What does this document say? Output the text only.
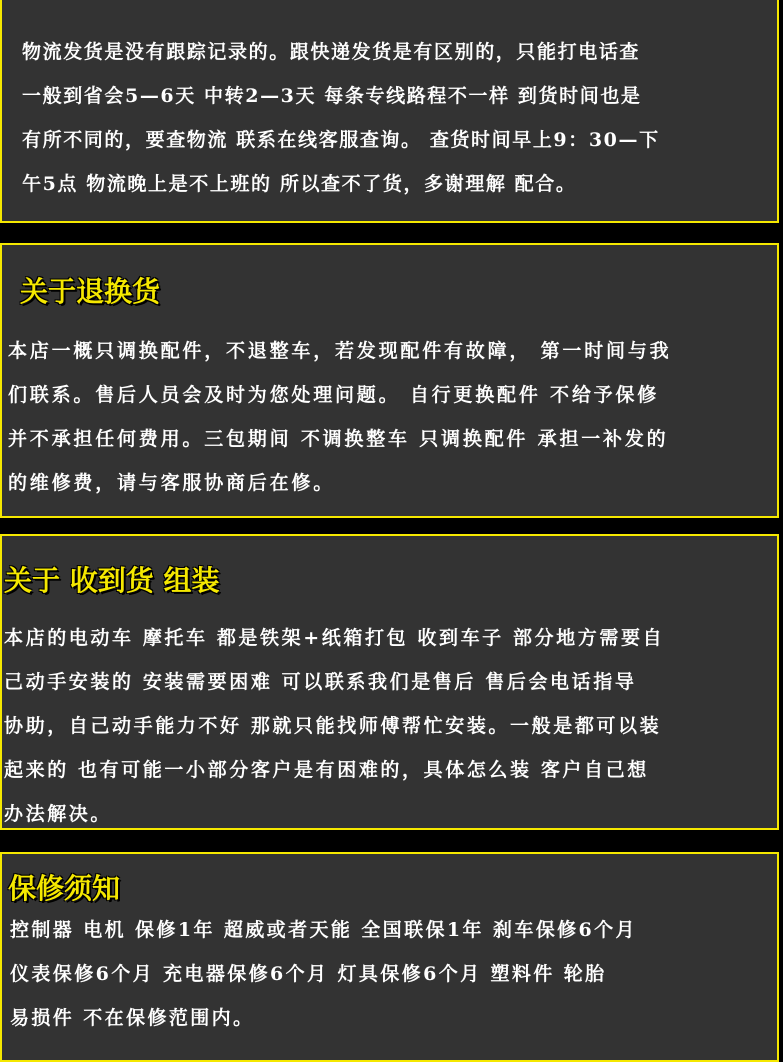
物流发货是没有跟踪记录的。跟快递发货是有区别的，只能打电话查
一般到省会5—6天 中转2—3天 每条专线路程不一样 到货时间也是
有所不同的，要查物流 联系在线客服查询。 查货时间早上9：30—下
午5点 物流晚上是不上班的 所以查不了货，多谢理解 配合。

关于退换货

本店一概只调换配件，不退整车，若发现配件有故障， 第一时间与我
们联系。售后人员会及时为您处理问题。 自行更换配件 不给予保修
并不承担任何费用。三包期间 不调换整车 只调换配件 承担一补发的
的维修费，请与客服协商后在修。

关于 收到货 组装

本店的电动车 摩托车 都是铁架+纸箱打包 收到车子 部分地方需要自
己动手安装的 安装需要困难 可以联系我们是售后 售后会电话指导
协助，自己动手能力不好 那就只能找师傅帮忙安装。一般是都可以装
起来的 也有可能一小部分客户是有困难的，具体怎么装 客户自己想
办法解决。

保修须知

控制器 电机 保修1年 超威或者天能 全国联保1年 刹车保修6个月
仪表保修6个月 充电器保修6个月 灯具保修6个月 塑料件 轮胎
易损件 不在保修范围内。
